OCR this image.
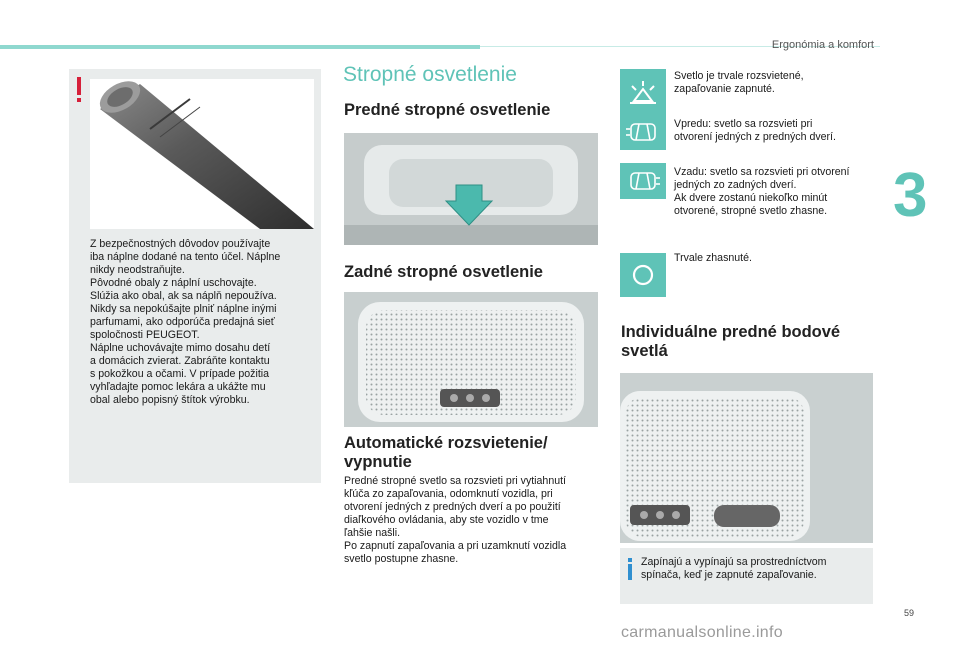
Ergonómia a komfort
3
59
Z bezpečnostných dôvodov používajte
iba náplne dodané na tento účel. Náplne
nikdy neodstraňujte.
Pôvodné obaly z náplní uschovajte.
Slúžia ako obal, ak sa náplň nepoužíva.
Nikdy sa nepokúšajte plniť náplne inými
parfumami, ako odporúča predajná sieť
spoločnosti PEUGEOT.
Náplne uchovávajte mimo dosahu detí
a domácich zvierat. Zabráňte kontaktu
s pokožkou a očami. V prípade požitia
vyhľadajte pomoc lekára a ukážte mu
obal alebo popisný štítok výrobku.
Stropné osvetlenie
Predné stropné osvetlenie
Zadné stropné osvetlenie
Automatické rozsvietenie/
vypnutie
Predné stropné svetlo sa rozsvieti pri vytiahnutí
kľúča zo zapaľovania, odomknutí vozidla, pri
otvorení jedných z predných dverí a po použití
diaľkového ovládania, aby ste vozidlo v tme
ľahšie našli.
Po zapnutí zapaľovania a pri uzamknutí vozidla
svetlo postupne zhasne.
Svetlo je trvale rozsvietené,
zapaľovanie zapnuté.
Vpredu: svetlo sa rozsvieti pri
otvorení jedných z predných dverí.
Vzadu: svetlo sa rozsvieti pri otvorení
jedných zo zadných dverí.
Ak dvere zostanú niekoľko minút
otvorené, stropné svetlo zhasne.
Trvale zhasnuté.
Individuálne predné bodové
svetlá
Zapínajú a vypínajú sa prostredníctvom
spínača, keď je zapnuté zapaľovanie.
carmanualsonline.info
